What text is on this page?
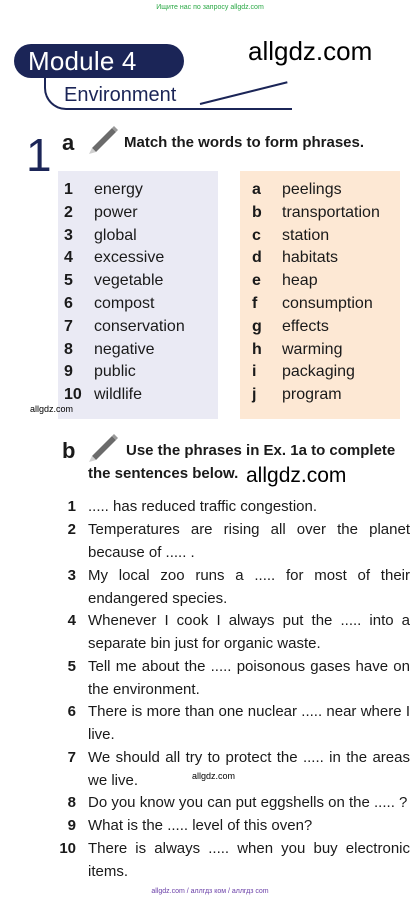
Ищите нас по запросу allgdz.com
Module 4
Environment
allgdz.com
1 a	Match the words to form phrases.
1 energy
2 power
3 global
4 excessive
5 vegetable
6 compost
7 conservation
8 negative
9 public
10 wildlife
a peelings
b transportation
c station
d habitats
e heap
f consumption
g effects
h warming
i packaging
j program
allgdz.com
b	Use the phrases in Ex. 1a to complete
the sentences below. allgdz.com
1 ..... has reduced traffic congestion.
2 Temperatures are rising all over the planet because of ..... .
3 My local zoo runs a ..... for most of their endangered species.
4 Whenever I cook I always put the ..... into a separate bin just for organic waste.
5 Tell me about the ..... poisonous gases have on the environment.
6 There is more than one nuclear ..... near where I live.
7 We should all try to protect the ..... in the areas we live.
8 Do you know you can put eggshells on the ..... ?
9 What is the ..... level of this oven?
10 There is always ..... when you buy electronic items.
allgdz.com
allgdz.com / аллгдз ком / аллгдз com
